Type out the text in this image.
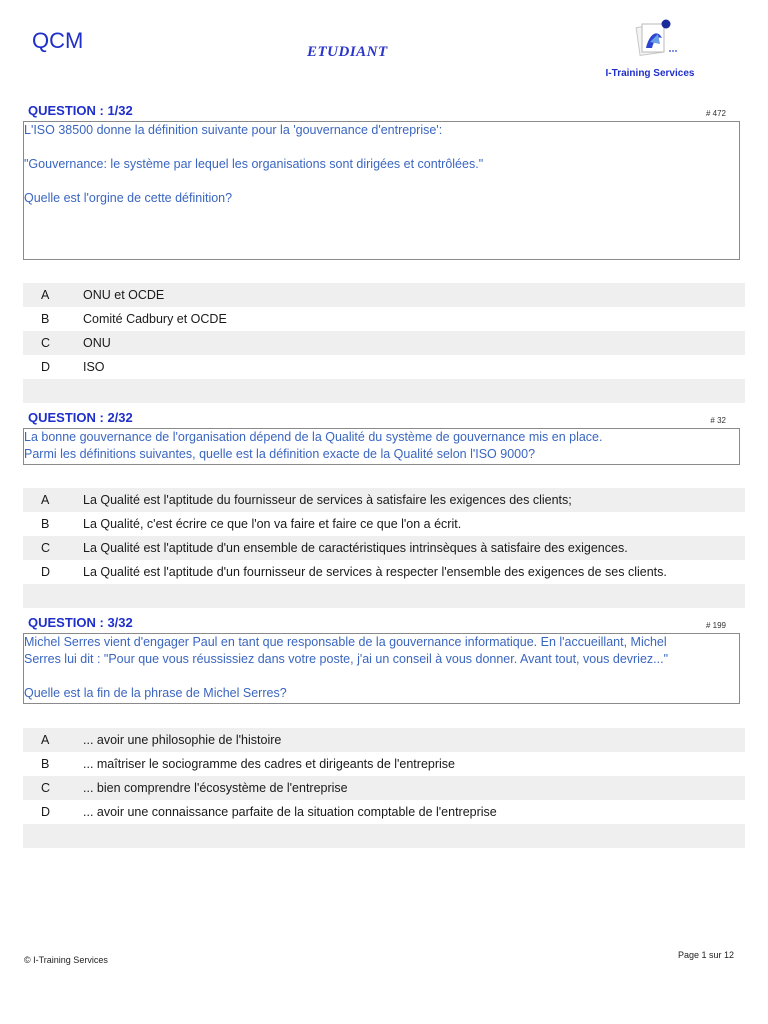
QCM	ETUDIANT
I-Training Services
QUESTION : 1/32	# 472

L'ISO 38500 donne la définition suivante pour la 'gouvernance d'entreprise':

"Gouvernance: le système par lequel les organisations sont dirigées et contrôlées."

Quelle est l'orgine de cette définition?

A	ONU et OCDE
B	Comité Cadbury et OCDE
C	ONU
D	ISO
QUESTION : 2/32	# 32

La bonne gouvernance de l'organisation dépend de la Qualité du système de gouvernance mis en place.

Parmi les définitions suivantes, quelle est la définition exacte de la Qualité selon l'ISO 9000?

A	La Qualité est l'aptitude du fournisseur de services à satisfaire les exigences des clients;
B	La Qualité, c'est écrire ce que l'on va faire et faire ce que l'on a écrit.
C	La Qualité est l'aptitude d'un ensemble de caractéristiques intrinsèques à satisfaire des exigences.
D	La Qualité est l'aptitude d'un fournisseur de services à respecter l'ensemble des exigences de ses clients.
QUESTION : 3/32	# 199

Michel Serres vient d'engager Paul en tant que responsable de la gouvernance informatique. En l'accueillant, Michel

Serres lui dit : "Pour que vous réussissiez dans votre poste, j'ai un conseil à vous donner. Avant tout, vous devriez..."

Quelle est la fin de la phrase de Michel Serres?

A	... avoir une philosophie de l'histoire
B	... maîtriser le sociogramme des cadres et dirigeants de l'entreprise
C	... bien comprendre l'écosystème de l'entreprise
D	... avoir une connaissance parfaite de la situation comptable de l'entreprise
© I-Training Services	Page 1 sur 12
